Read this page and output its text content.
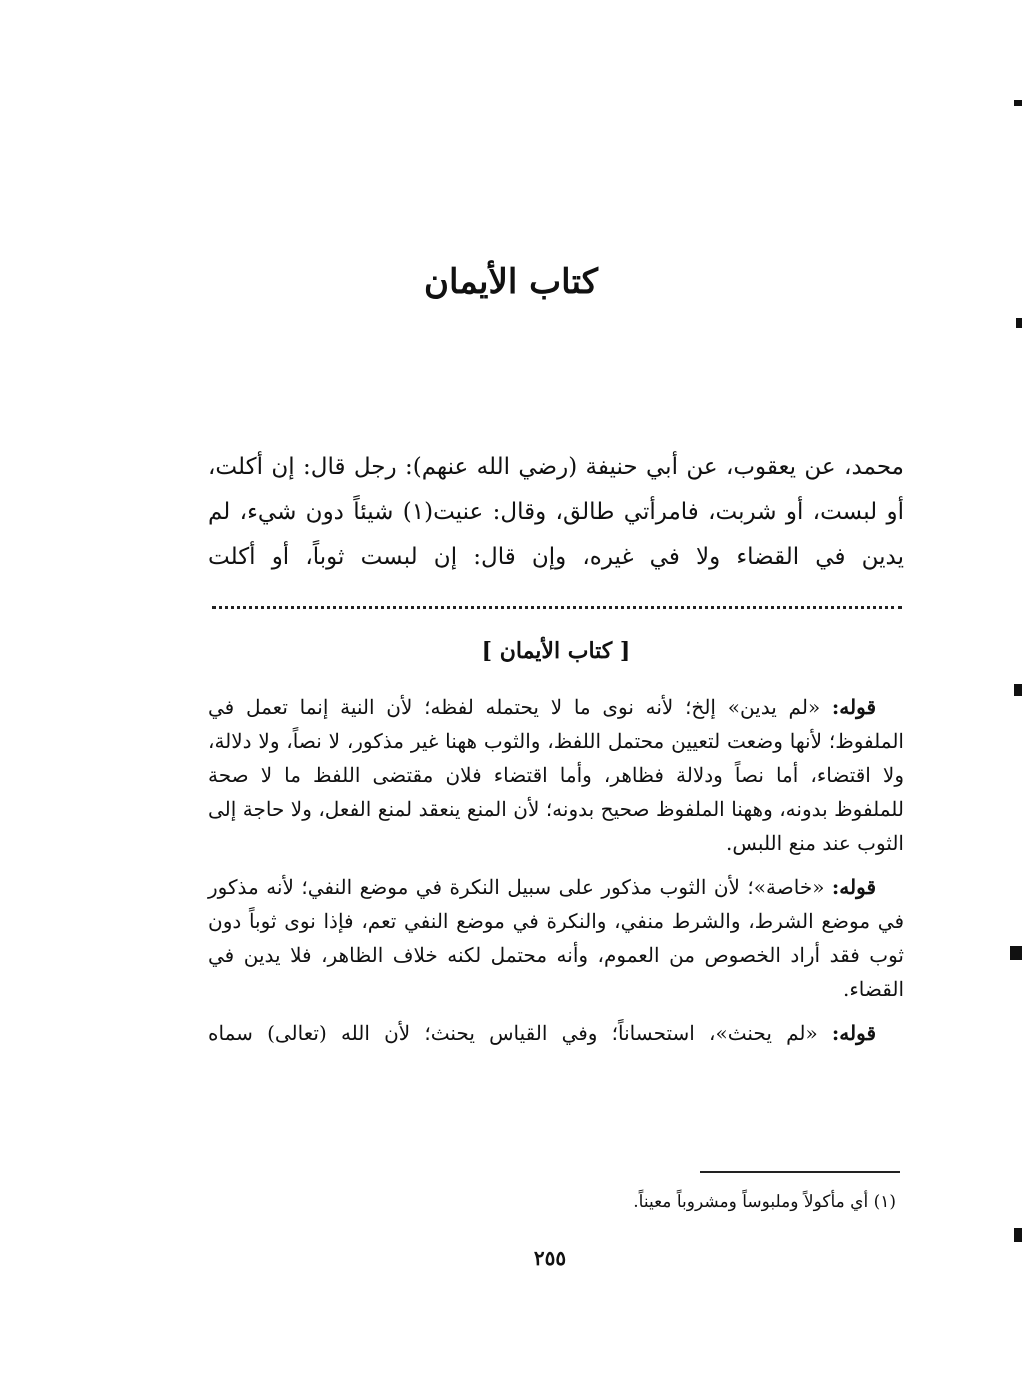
كتاب الأيمان

محمد، عن يعقوب، عن أبي حنيفة (رضي الله عنهم): رجل قال: إن أكلت، أو لبست، أو شربت، فامرأتي طالق، وقال: عنيت(١) شيئاً دون شيء، لم يدين في القضاء ولا في غيره، وإن قال: إن لبست ثوباً، أو أكلت

[ كتاب الأيمان ]

قوله: «لم يدين» إلخ؛ لأنه نوى ما لا يحتمله لفظه؛ لأن النية إنما تعمل في الملفوظ؛ لأنها وضعت لتعيين محتمل اللفظ، والثوب ههنا غير مذكور، لا نصاً، ولا دلالة، ولا اقتضاء، أما نصاً ودلالة فظاهر، وأما اقتضاء فلان مقتضى اللفظ ما لا صحة للملفوظ بدونه، وههنا الملفوظ صحيح بدونه؛ لأن المنع ينعقد لمنع الفعل، ولا حاجة إلى الثوب عند منع اللبس.

قوله: «خاصة»؛ لأن الثوب مذكور على سبيل النكرة في موضع النفي؛ لأنه مذكور في موضع الشرط، والشرط منفي، والنكرة في موضع النفي تعم، فإذا نوى ثوباً دون ثوب فقد أراد الخصوص من العموم، وأنه محتمل لكنه خلاف الظاهر، فلا يدين في القضاء.

قوله: «لم يحنث»، استحساناً؛ وفي القياس يحنث؛ لأن الله (تعالى) سماه

(١) أي مأكولاً وملبوساً ومشروباً معيناً.

٢٥٥
